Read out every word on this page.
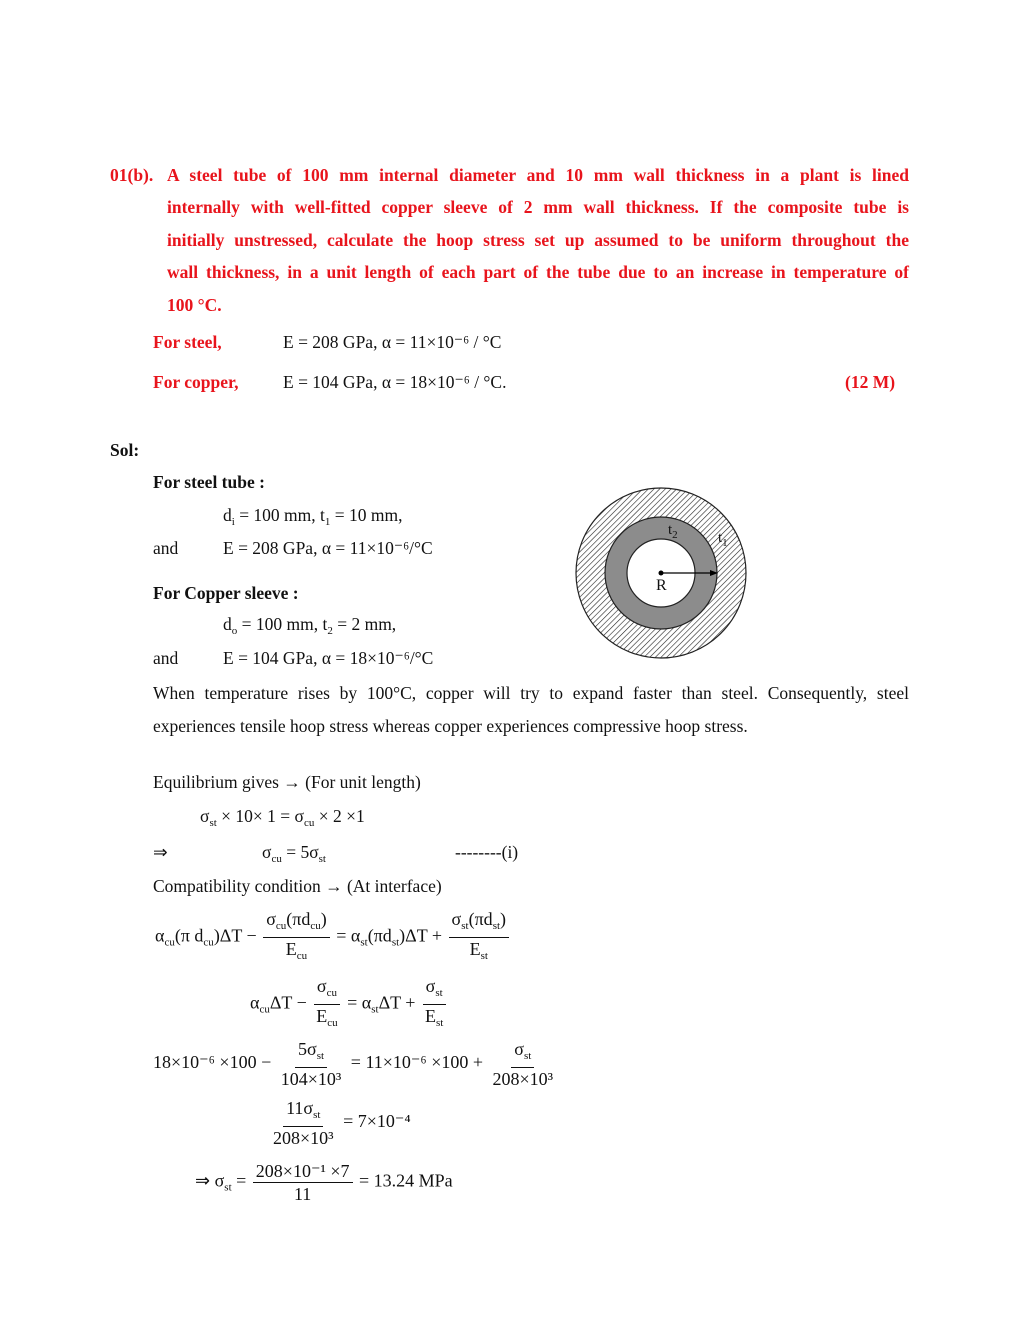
01(b). A steel tube of 100 mm internal diameter and 10 mm wall thickness in a plant is lined
internally with well-fitted copper sleeve of 2 mm wall thickness. If the composite tube is
initially unstressed, calculate the hoop stress set up assumed to be uniform throughout the
wall thickness, in a unit length of each part of the tube due to an increase in temperature of
100 °C.
For steel,	E = 208 GPa, α = 11×10⁻⁶ / °C
For copper,	E = 104 GPa, α = 18×10⁻⁶ / °C.	(12 M)
Sol:
For steel tube :
$d_i = 100$ mm, $t_1 = 10$ mm,
and	E = 208 GPa, α = 11×10⁻⁶/°C
For Copper sleeve :
$d_o = 100$ mm, $t_2 = 2$ mm,
and	E = 104 GPa, α = 18×10⁻⁶/°C
$t_2$	$t_1$
R
When temperature rises by 100°C, copper will try to expand faster than steel. Consequently, steel
experiences tensile hoop stress whereas copper experiences compressive hoop stress.
Equilibrium gives → (For unit length)
$\sigma_{st} \times 10\times 1 = \sigma_{cu} \times 2 \times 1$
⇒	$\sigma_{cu} = 5\sigma_{st}$	--------(i)
Compatibility condition → (At interface)
$\alpha_{cu}(\pi$ $d_{cu})\Delta T - \frac{\sigma_{cu}(\pi d_{cu})}{E_{cu}} = \alpha_{st}(\pi d_{st})\Delta T + \frac{\sigma_{st}(\pi d_{st})}{E_{st}}$
$\alpha_{cu}\Delta T - \frac{\sigma_{cu}}{E_{cu}} = \alpha_{st}\Delta T + \frac{\sigma_{st}}{E_{st}}$
$18\times 10^{-6} \times 100 - \frac{5\sigma_{st}}{\text{104×10³}} = 11\times 10^{-6} \times 100 + \frac{\sigma_{st}}{\text{208×10³}}$
$\frac{11\sigma_{st}}{\text{208×10³}} = 7\times 10^{-4}$
⇒ $\sigma_{st} = \frac{\text{208×10⁻¹ ×7}}{11} = 13.24$ MPa
